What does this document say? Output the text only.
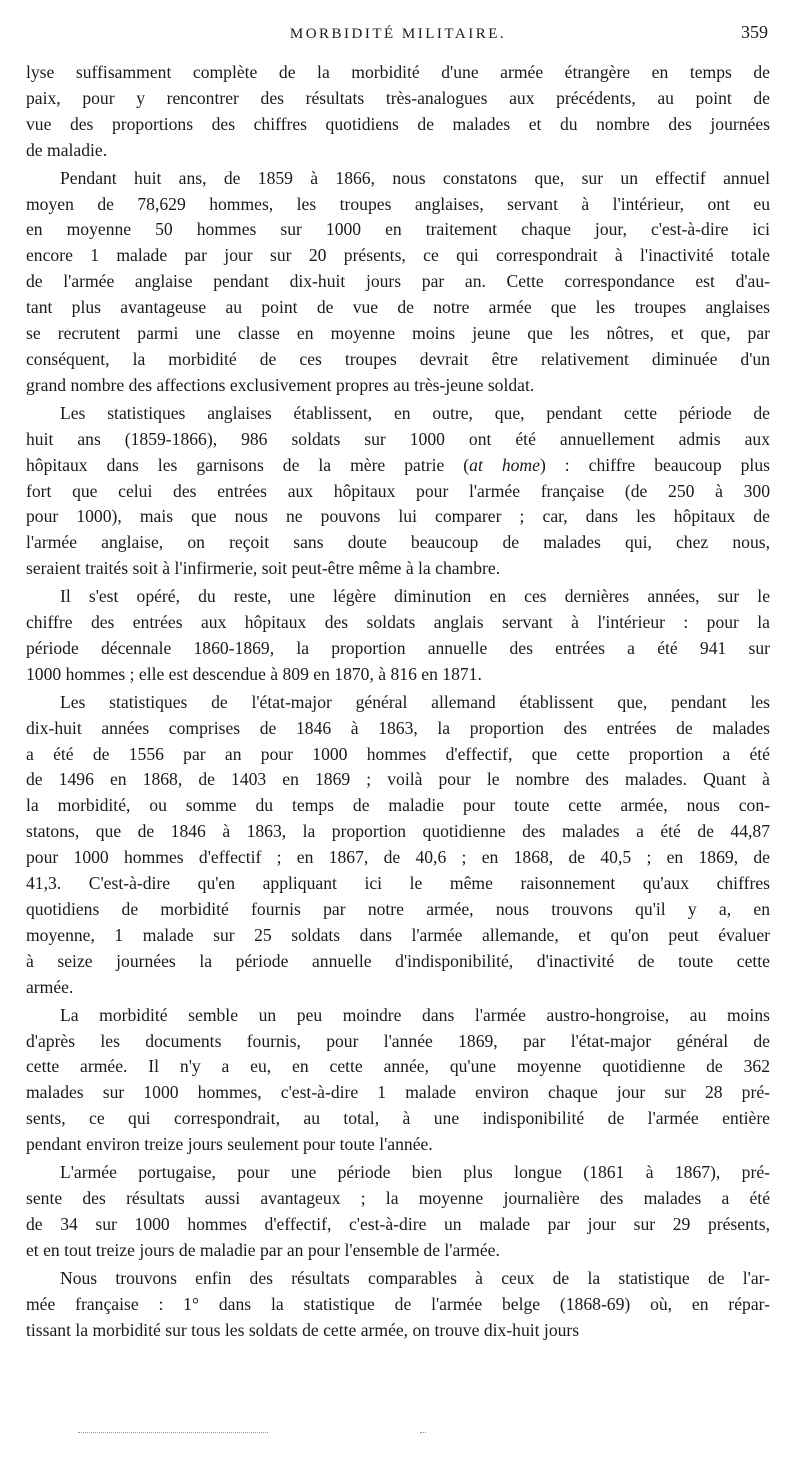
MORBIDITÉ MILITAIRE.	359
lyse suffisamment complète de la morbidité d'une armée étrangère en temps de
paix, pour y rencontrer des résultats très-analogues aux précédents, au point de
vue des proportions des chiffres quotidiens de malades et du nombre des journées
de maladie.
Pendant huit ans, de 1859 à 1866, nous constatons que, sur un effectif annuel
moyen de 78,629 hommes, les troupes anglaises, servant à l'intérieur, ont eu
en moyenne 50 hommes sur 1000 en traitement chaque jour, c'est-à-dire ici
encore 1 malade par jour sur 20 présents, ce qui correspondrait à l'inactivité totale
de l'armée anglaise pendant dix-huit jours par an. Cette correspondance est d'au-
tant plus avantageuse au point de vue de notre armée que les troupes anglaises
se recrutent parmi une classe en moyenne moins jeune que les nôtres, et que, par
conséquent, la morbidité de ces troupes devrait être relativement diminuée d'un
grand nombre des affections exclusivement propres au très-jeune soldat.
Les statistiques anglaises établissent, en outre, que, pendant cette période de
huit ans (1859-1866), 986 soldats sur 1000 ont été annuellement admis aux
hôpitaux dans les garnisons de la mère patrie (at home) : chiffre beaucoup plus
fort que celui des entrées aux hôpitaux pour l'armée française (de 250 à 300
pour 1000), mais que nous ne pouvons lui comparer ; car, dans les hôpitaux de
l'armée anglaise, on reçoit sans doute beaucoup de malades qui, chez nous,
seraient traités soit à l'infirmerie, soit peut-être même à la chambre.
Il s'est opéré, du reste, une légère diminution en ces dernières années, sur le
chiffre des entrées aux hôpitaux des soldats anglais servant à l'intérieur : pour la
période décennale 1860-1869, la proportion annuelle des entrées a été 941 sur
1000 hommes ; elle est descendue à 809 en 1870, à 816 en 1871.
Les statistiques de l'état-major général allemand établissent que, pendant les
dix-huit années comprises de 1846 à 1863, la proportion des entrées de malades
a été de 1556 par an pour 1000 hommes d'effectif, que cette proportion a été
de 1496 en 1868, de 1403 en 1869 ; voilà pour le nombre des malades. Quant à
la morbidité, ou somme du temps de maladie pour toute cette armée, nous con-
statons, que de 1846 à 1863, la proportion quotidienne des malades a été de 44,87
pour 1000 hommes d'effectif ; en 1867, de 40,6 ; en 1868, de 40,5 ; en 1869, de
41,3. C'est-à-dire qu'en appliquant ici le même raisonnement qu'aux chiffres
quotidiens de morbidité fournis par notre armée, nous trouvons qu'il y a, en
moyenne, 1 malade sur 25 soldats dans l'armée allemande, et qu'on peut évaluer
à seize journées la période annuelle d'indisponibilité, d'inactivité de toute cette
armée.
La morbidité semble un peu moindre dans l'armée austro-hongroise, au moins
d'après les documents fournis, pour l'année 1869, par l'état-major général de
cette armée. Il n'y a eu, en cette année, qu'une moyenne quotidienne de 362
malades sur 1000 hommes, c'est-à-dire 1 malade environ chaque jour sur 28 pré-
sents, ce qui correspondrait, au total, à une indisponibilité de l'armée entière
pendant environ treize jours seulement pour toute l'année.
L'armée portugaise, pour une période bien plus longue (1861 à 1867), pré-
sente des résultats aussi avantageux ; la moyenne journalière des malades a été
de 34 sur 1000 hommes d'effectif, c'est-à-dire un malade par jour sur 29 présents,
et en tout treize jours de maladie par an pour l'ensemble de l'armée.
Nous trouvons enfin des résultats comparables à ceux de la statistique de l'ar-
mée française : 1° dans la statistique de l'armée belge (1868-69) où, en répar-
tissant la morbidité sur tous les soldats de cette armée, on trouve dix-huit jours
